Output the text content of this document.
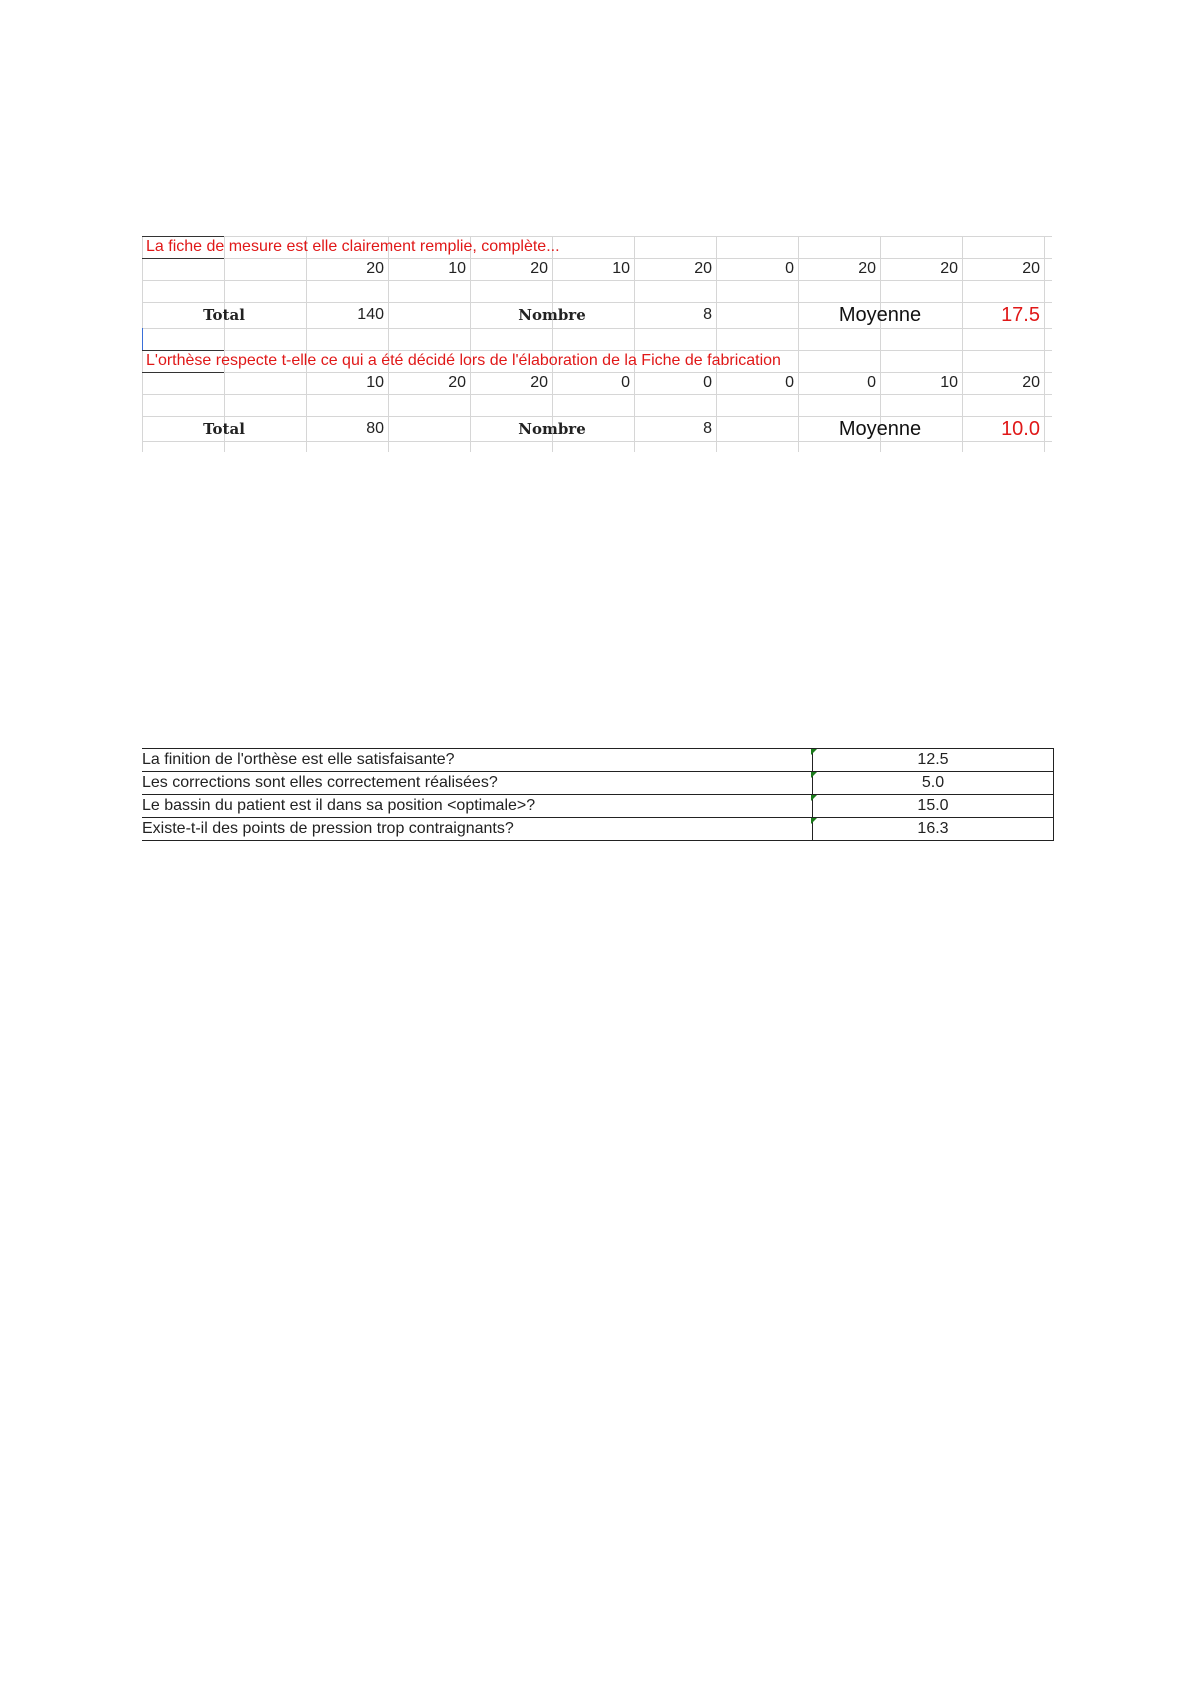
La fiche de mesure est elle clairement remplie, complète...
20	10	20	10	20	0	20	20	20
Total	140	Nombre	8	Moyenne	17.5
L'orthèse respecte t-elle ce qui a été décidé lors de l'élaboration de la Fiche de fabrication
10	20	20	0	0	0	0	10	20
Total	80	Nombre	8	Moyenne	10.0
La finition de l'orthèse est elle satisfaisante?	12.5
Les corrections sont elles correctement réalisées?	5.0
Le bassin du patient est il dans sa position <optimale>?	15.0
Existe-t-il des points de pression trop contraignants?	16.3
